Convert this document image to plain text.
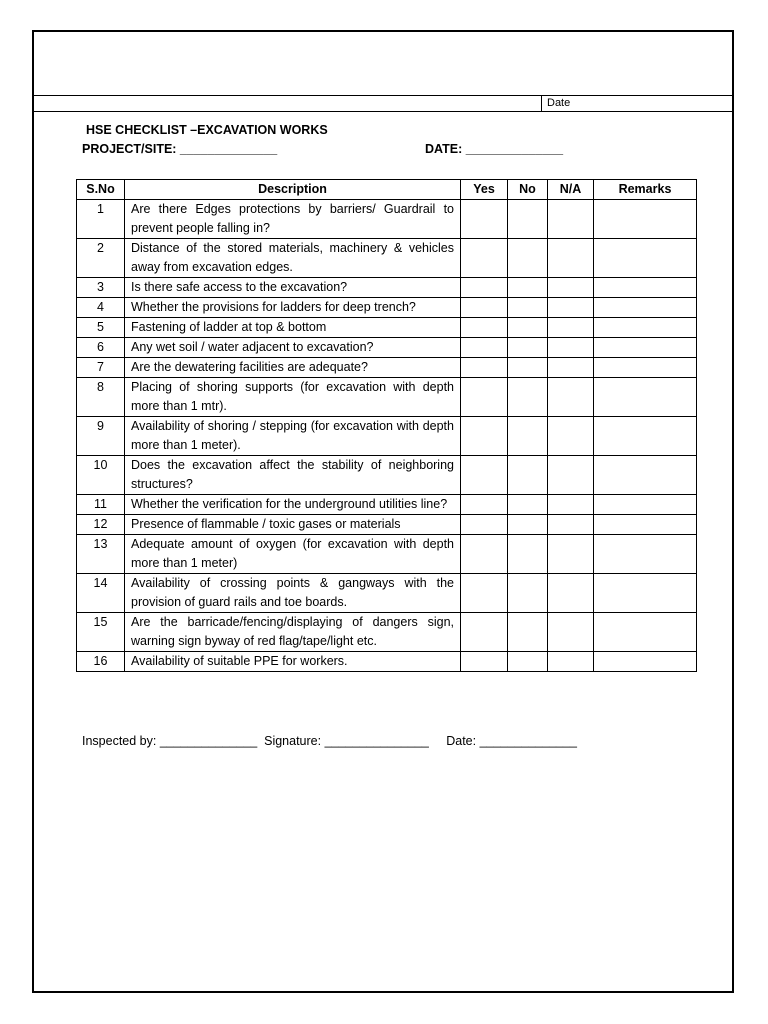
Date
HSE CHECKLIST –EXCAVATION WORKS
PROJECT/SITE: ______________	DATE: ______________
S.No	Description	Yes	No	N/A	Remarks
1	Are there Edges protections by barriers/ Guardrail to prevent people falling in?				
2	Distance of the stored materials, machinery & vehicles away from excavation edges.				
3	Is there safe access to the excavation?				
4	Whether the provisions for ladders for deep trench?				
5	Fastening of ladder at top & bottom				
6	Any wet soil / water adjacent to excavation?				
7	Are the dewatering facilities are adequate?				
8	Placing of shoring supports (for excavation with depth more than 1 mtr).				
9	Availability of shoring / stepping (for excavation with depth more than 1 meter).				
10	Does the excavation affect the stability of neighboring structures?				
11	Whether the verification for the underground utilities line?				
12	Presence of flammable / toxic gases or materials				
13	Adequate amount of oxygen (for excavation with depth more than 1 meter)				
14	Availability of crossing points & gangways with the provision of guard rails and toe boards.				
15	Are the barricade/fencing/displaying of dangers sign, warning sign byway of red flag/tape/light etc.				
16	Availability of suitable PPE for workers.				
Inspected by: ______________ Signature: _______________ Date: ______________
